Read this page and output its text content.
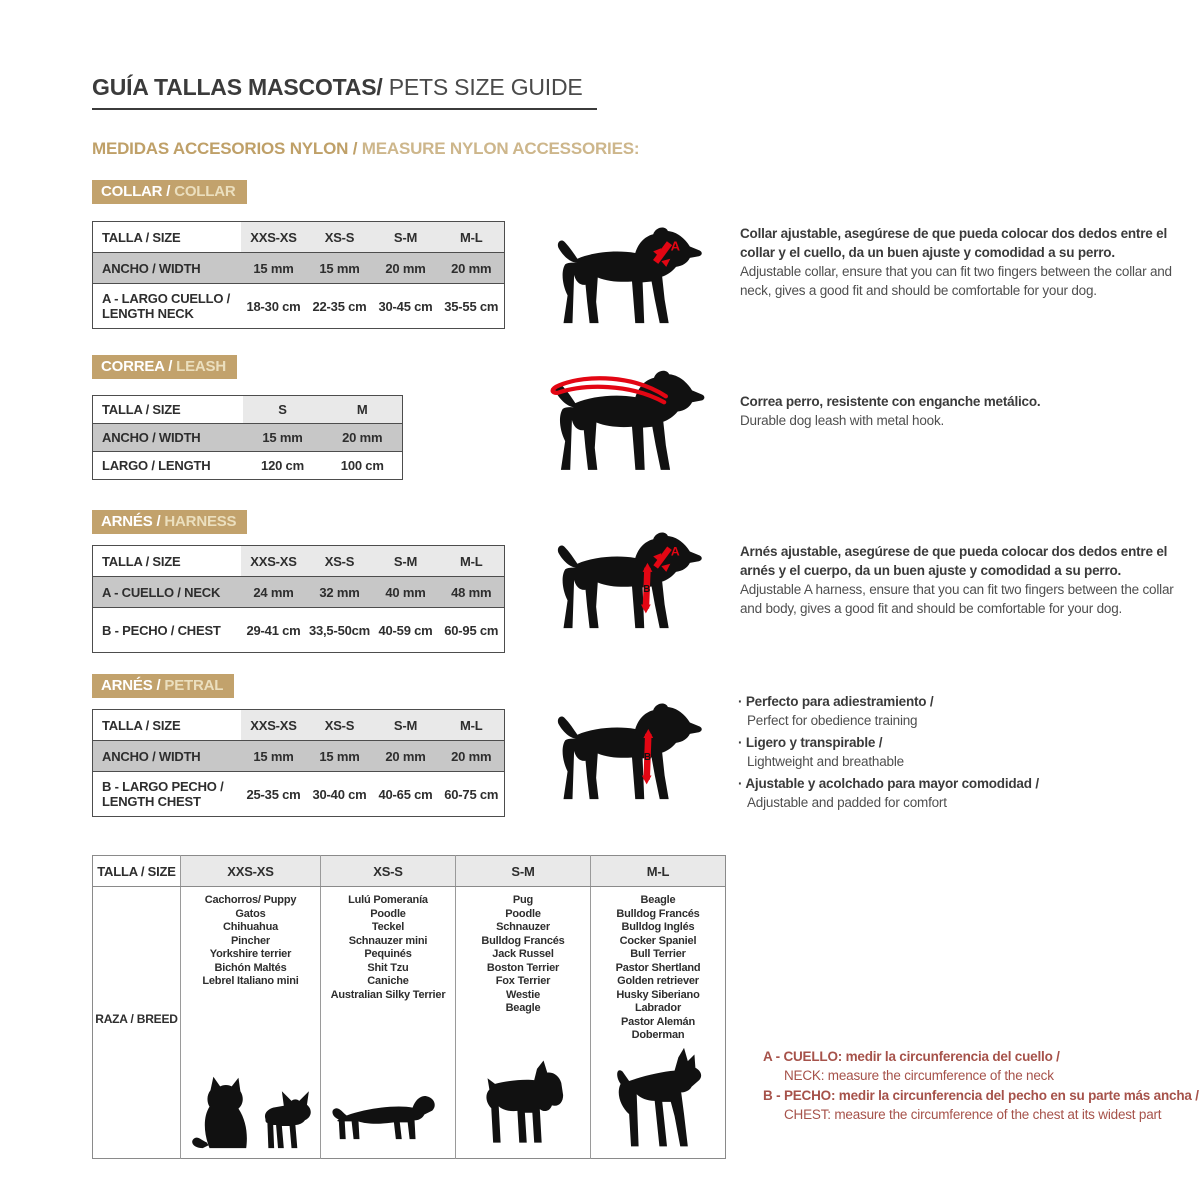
GUÍA TALLAS MASCOTAS/ PETS SIZE GUIDE
MEDIDAS ACCESORIOS NYLON / MEASURE NYLON ACCESSORIES:
COLLAR / COLLAR
TALLA / SIZE	XXS-XS	XS-S	S-M	M-L
ANCHO / WIDTH	15 mm	15 mm	20 mm	20 mm
A - LARGO CUELLO / LENGTH NECK	18-30 cm	22-35 cm	30-45 cm	35-55 cm
A
Collar ajustable, asegúrese de que pueda colocar dos dedos entre el collar y el cuello, da un buen ajuste y comodidad a su perro. Adjustable collar, ensure that you can fit two fingers between the collar and neck, gives a good fit and should be comfortable for your dog.
CORREA / LEASH
TALLA / SIZE	S	M
ANCHO / WIDTH	15 mm	20 mm
LARGO / LENGTH	120 cm	100 cm
Correa perro, resistente con enganche metálico.
Durable dog leash with metal hook.
ARNÉS / HARNESS
TALLA / SIZE	XXS-XS	XS-S	S-M	M-L
A - CUELLO / NECK	24 mm	32 mm	40 mm	48 mm
B - PECHO / CHEST	29-41 cm	33,5-50cm	40-59 cm	60-95 cm
A
B
Arnés ajustable, asegúrese de que pueda colocar dos dedos entre el arnés y el cuerpo, da un buen ajuste y comodidad a su perro. Adjustable A harness, ensure that you can fit two fingers between the collar and body, gives a good fit and should be comfortable for your dog.
ARNÉS / PETRAL
TALLA / SIZE	XXS-XS	XS-S	S-M	M-L
ANCHO / WIDTH	15 mm	15 mm	20 mm	20 mm
B - LARGO PECHO / LENGTH CHEST	25-35 cm	30-40 cm	40-65 cm	60-75 cm
B
· Perfecto para adiestramiento /
Perfect for obedience training
· Ligero y transpirable /
Lightweight and breathable
· Ajustable y acolchado para mayor comodidad /
Adjustable and padded for comfort
TALLA / SIZE	XXS-XS	XS-S	S-M	M-L

RAZA / BREED

Cachorros/ Puppy
Gatos
Chihuahua
Pincher
Yorkshire terrier
Bichón Maltés
Lebrel Italiano mini

Lulú Pomeranía
Poodle
Teckel
Schnauzer mini
Pequinés
Shit Tzu
Caniche
Australian Silky Terrier

Pug
Poodle
Schnauzer
Bulldog Francés
Jack Russel
Boston Terrier
Fox Terrier
Westie
Beagle

Beagle
Bulldog Francés
Bulldog Inglés
Cocker Spaniel
Bull Terrier
Pastor Shertland
Golden retriever
Husky Siberiano
Labrador
Pastor Alemán
Doberman
A - CUELLO: medir la circunferencia del cuello /
NECK: measure the circumference of the neck
B - PECHO: medir la circunferencia del pecho en su parte más ancha /
CHEST: measure the circumference of the chest at its widest part
